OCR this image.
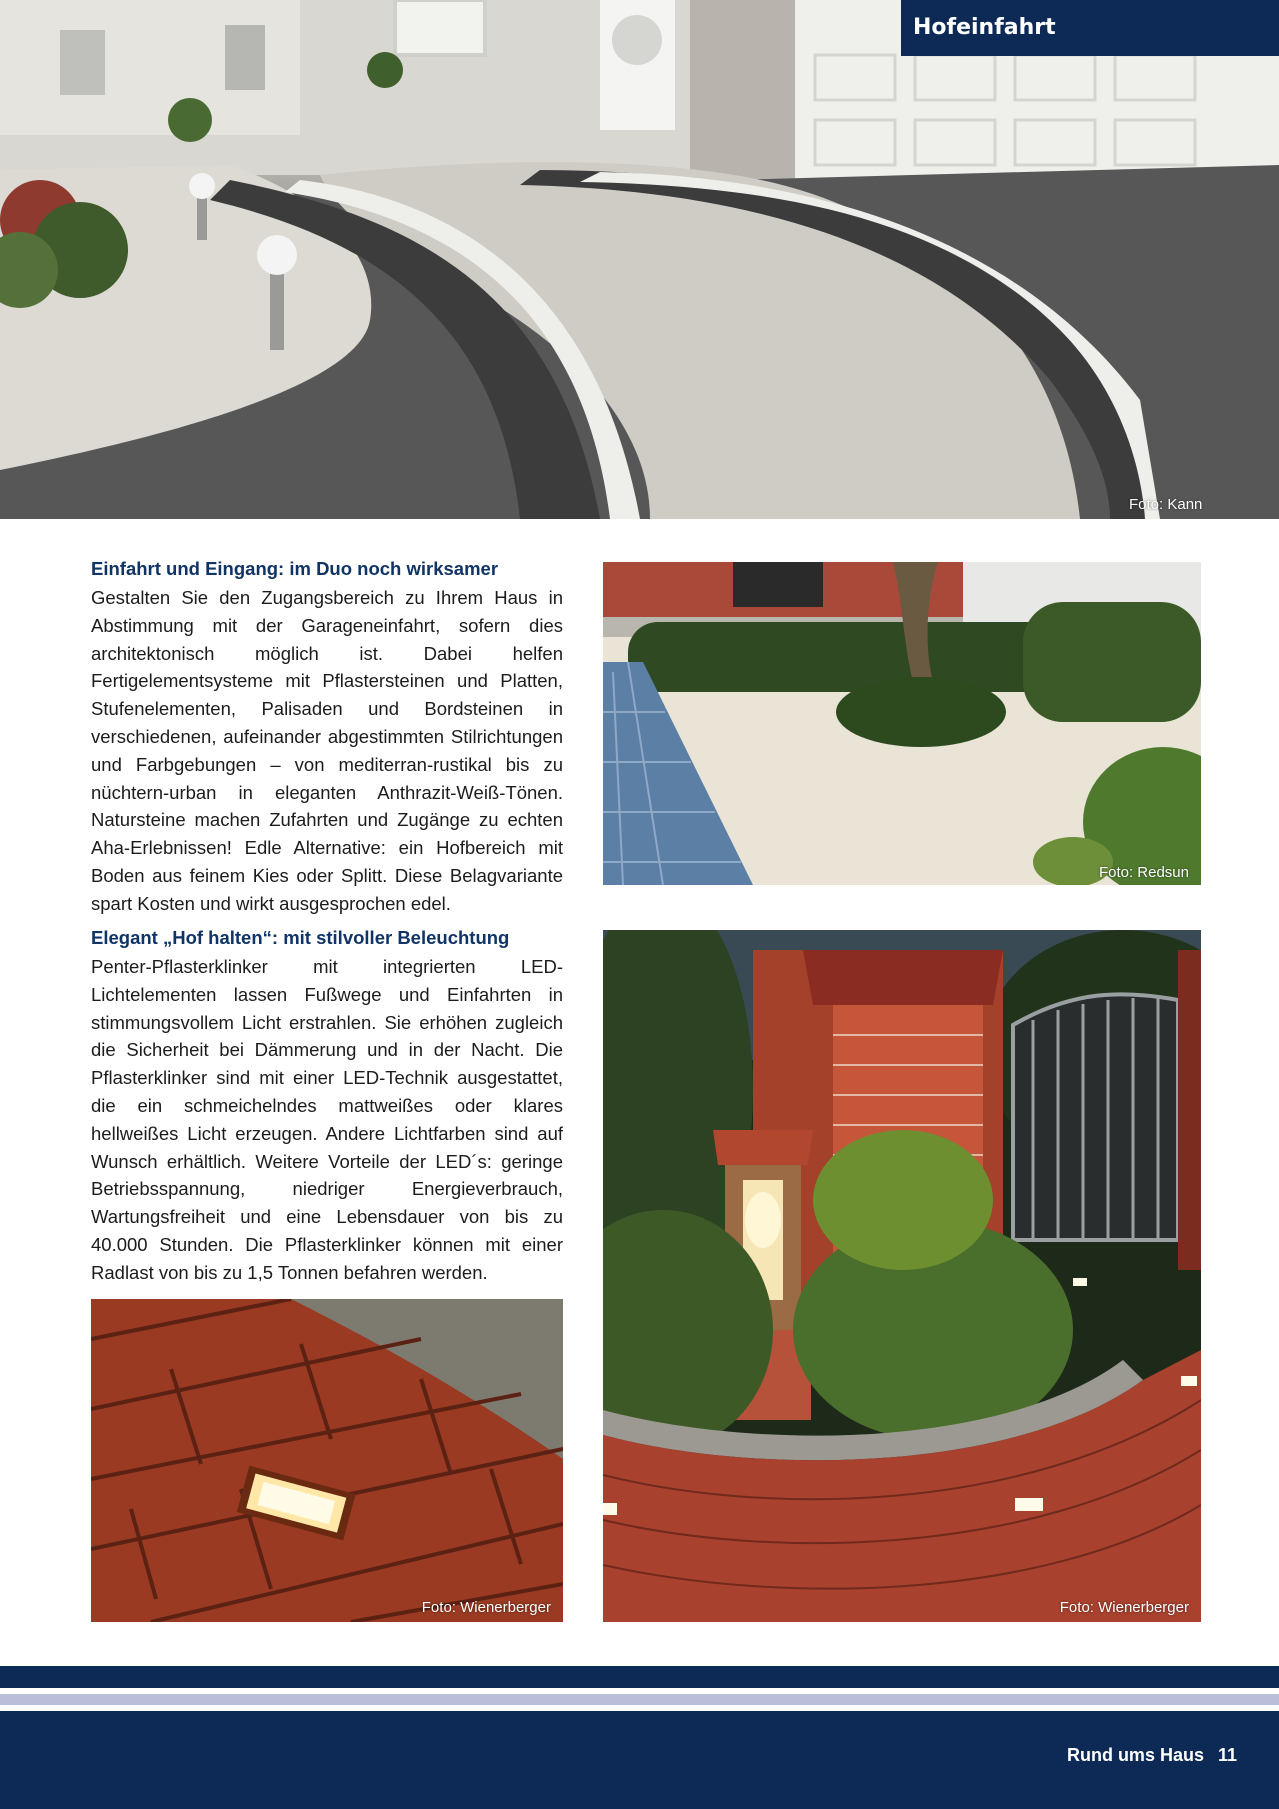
Hofeinfahrt
Foto: Kann
Einfahrt und Eingang: im Duo noch wirksamer

Gestalten Sie den Zugangsbereich zu Ihrem Haus in Abstimmung mit der Garageneinfahrt, sofern dies architektonisch möglich ist. Dabei helfen Fertigelementsysteme mit Pflastersteinen und Platten, Stufenelementen, Palisaden und Bordsteinen in verschiedenen, aufeinander abgestimmten Stilrichtungen und Farbgebungen – von mediterran-rustikal bis zu nüchtern-urban in eleganten Anthrazit-Weiß-Tönen. Natursteine machen Zufahrten und Zugänge zu echten Aha-Erlebnissen! Edle Alternative: ein Hofbereich mit Boden aus feinem Kies oder Splitt. Diese Belagvariante spart Kosten und wirkt ausgesprochen edel.

Elegant „Hof halten“: mit stilvoller Beleuchtung

Penter-Pflasterklinker mit integrierten LED-Lichtelementen lassen Fußwege und Einfahrten in stimmungsvollem Licht erstrahlen. Sie erhöhen zugleich die Sicherheit bei Dämmerung und in der Nacht. Die Pflasterklinker sind mit einer LED-Technik ausgestattet, die ein schmeichelndes mattweißes oder klares hellweißes Licht erzeugen. Andere Lichtfarben sind auf Wunsch erhältlich. Weitere Vorteile der LED´s: geringe Betriebsspannung, niedriger Energieverbrauch, Wartungsfreiheit und eine Lebensdauer von bis zu 40.000 Stunden. Die Pflasterklinker können mit einer Radlast von bis zu 1,5 Tonnen befahren werden.

Foto: Redsun
Foto: Wienerberger
Foto: Wienerberger
Rund ums Haus 11
